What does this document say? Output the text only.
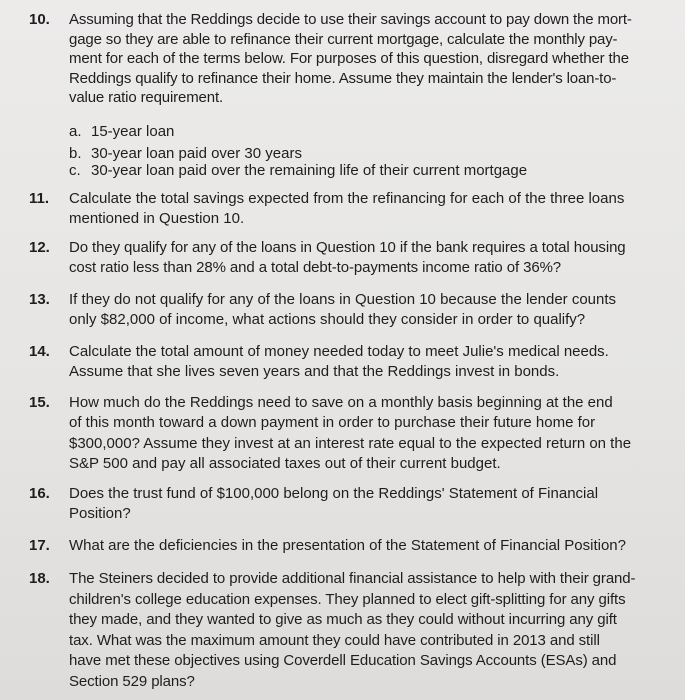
10.	Assuming that the Reddings decide to use their savings account to pay down the mort-
gage so they are able to refinance their current mortgage, calculate the monthly pay-
ment for each of the terms below. For purposes of this question, disregard whether the
Reddings qualify to refinance their home. Assume they maintain the lender's loan-to-
value ratio requirement.
a. 15-year loan
b. 30-year loan paid over 30 years
c. 30-year loan paid over the remaining life of their current mortgage
11.	Calculate the total savings expected from the refinancing for each of the three loans
mentioned in Question 10.
12.	Do they qualify for any of the loans in Question 10 if the bank requires a total housing
cost ratio less than 28% and a total debt-to-payments income ratio of 36%?
13.	If they do not qualify for any of the loans in Question 10 because the lender counts
only $82,000 of income, what actions should they consider in order to qualify?
14.	Calculate the total amount of money needed today to meet Julie's medical needs.
Assume that she lives seven years and that the Reddings invest in bonds.
15.	How much do the Reddings need to save on a monthly basis beginning at the end
of this month toward a down payment in order to purchase their future home for
$300,000? Assume they invest at an interest rate equal to the expected return on the
S&P 500 and pay all associated taxes out of their current budget.
16.	Does the trust fund of $100,000 belong on the Reddings' Statement of Financial
Position?
17.	What are the deficiencies in the presentation of the Statement of Financial Position?
18.	The Steiners decided to provide additional financial assistance to help with their grand-
children's college education expenses. They planned to elect gift-splitting for any gifts
they made, and they wanted to give as much as they could without incurring any gift
tax. What was the maximum amount they could have contributed in 2013 and still
have met these objectives using Coverdell Education Savings Accounts (ESAs) and
Section 529 plans?
